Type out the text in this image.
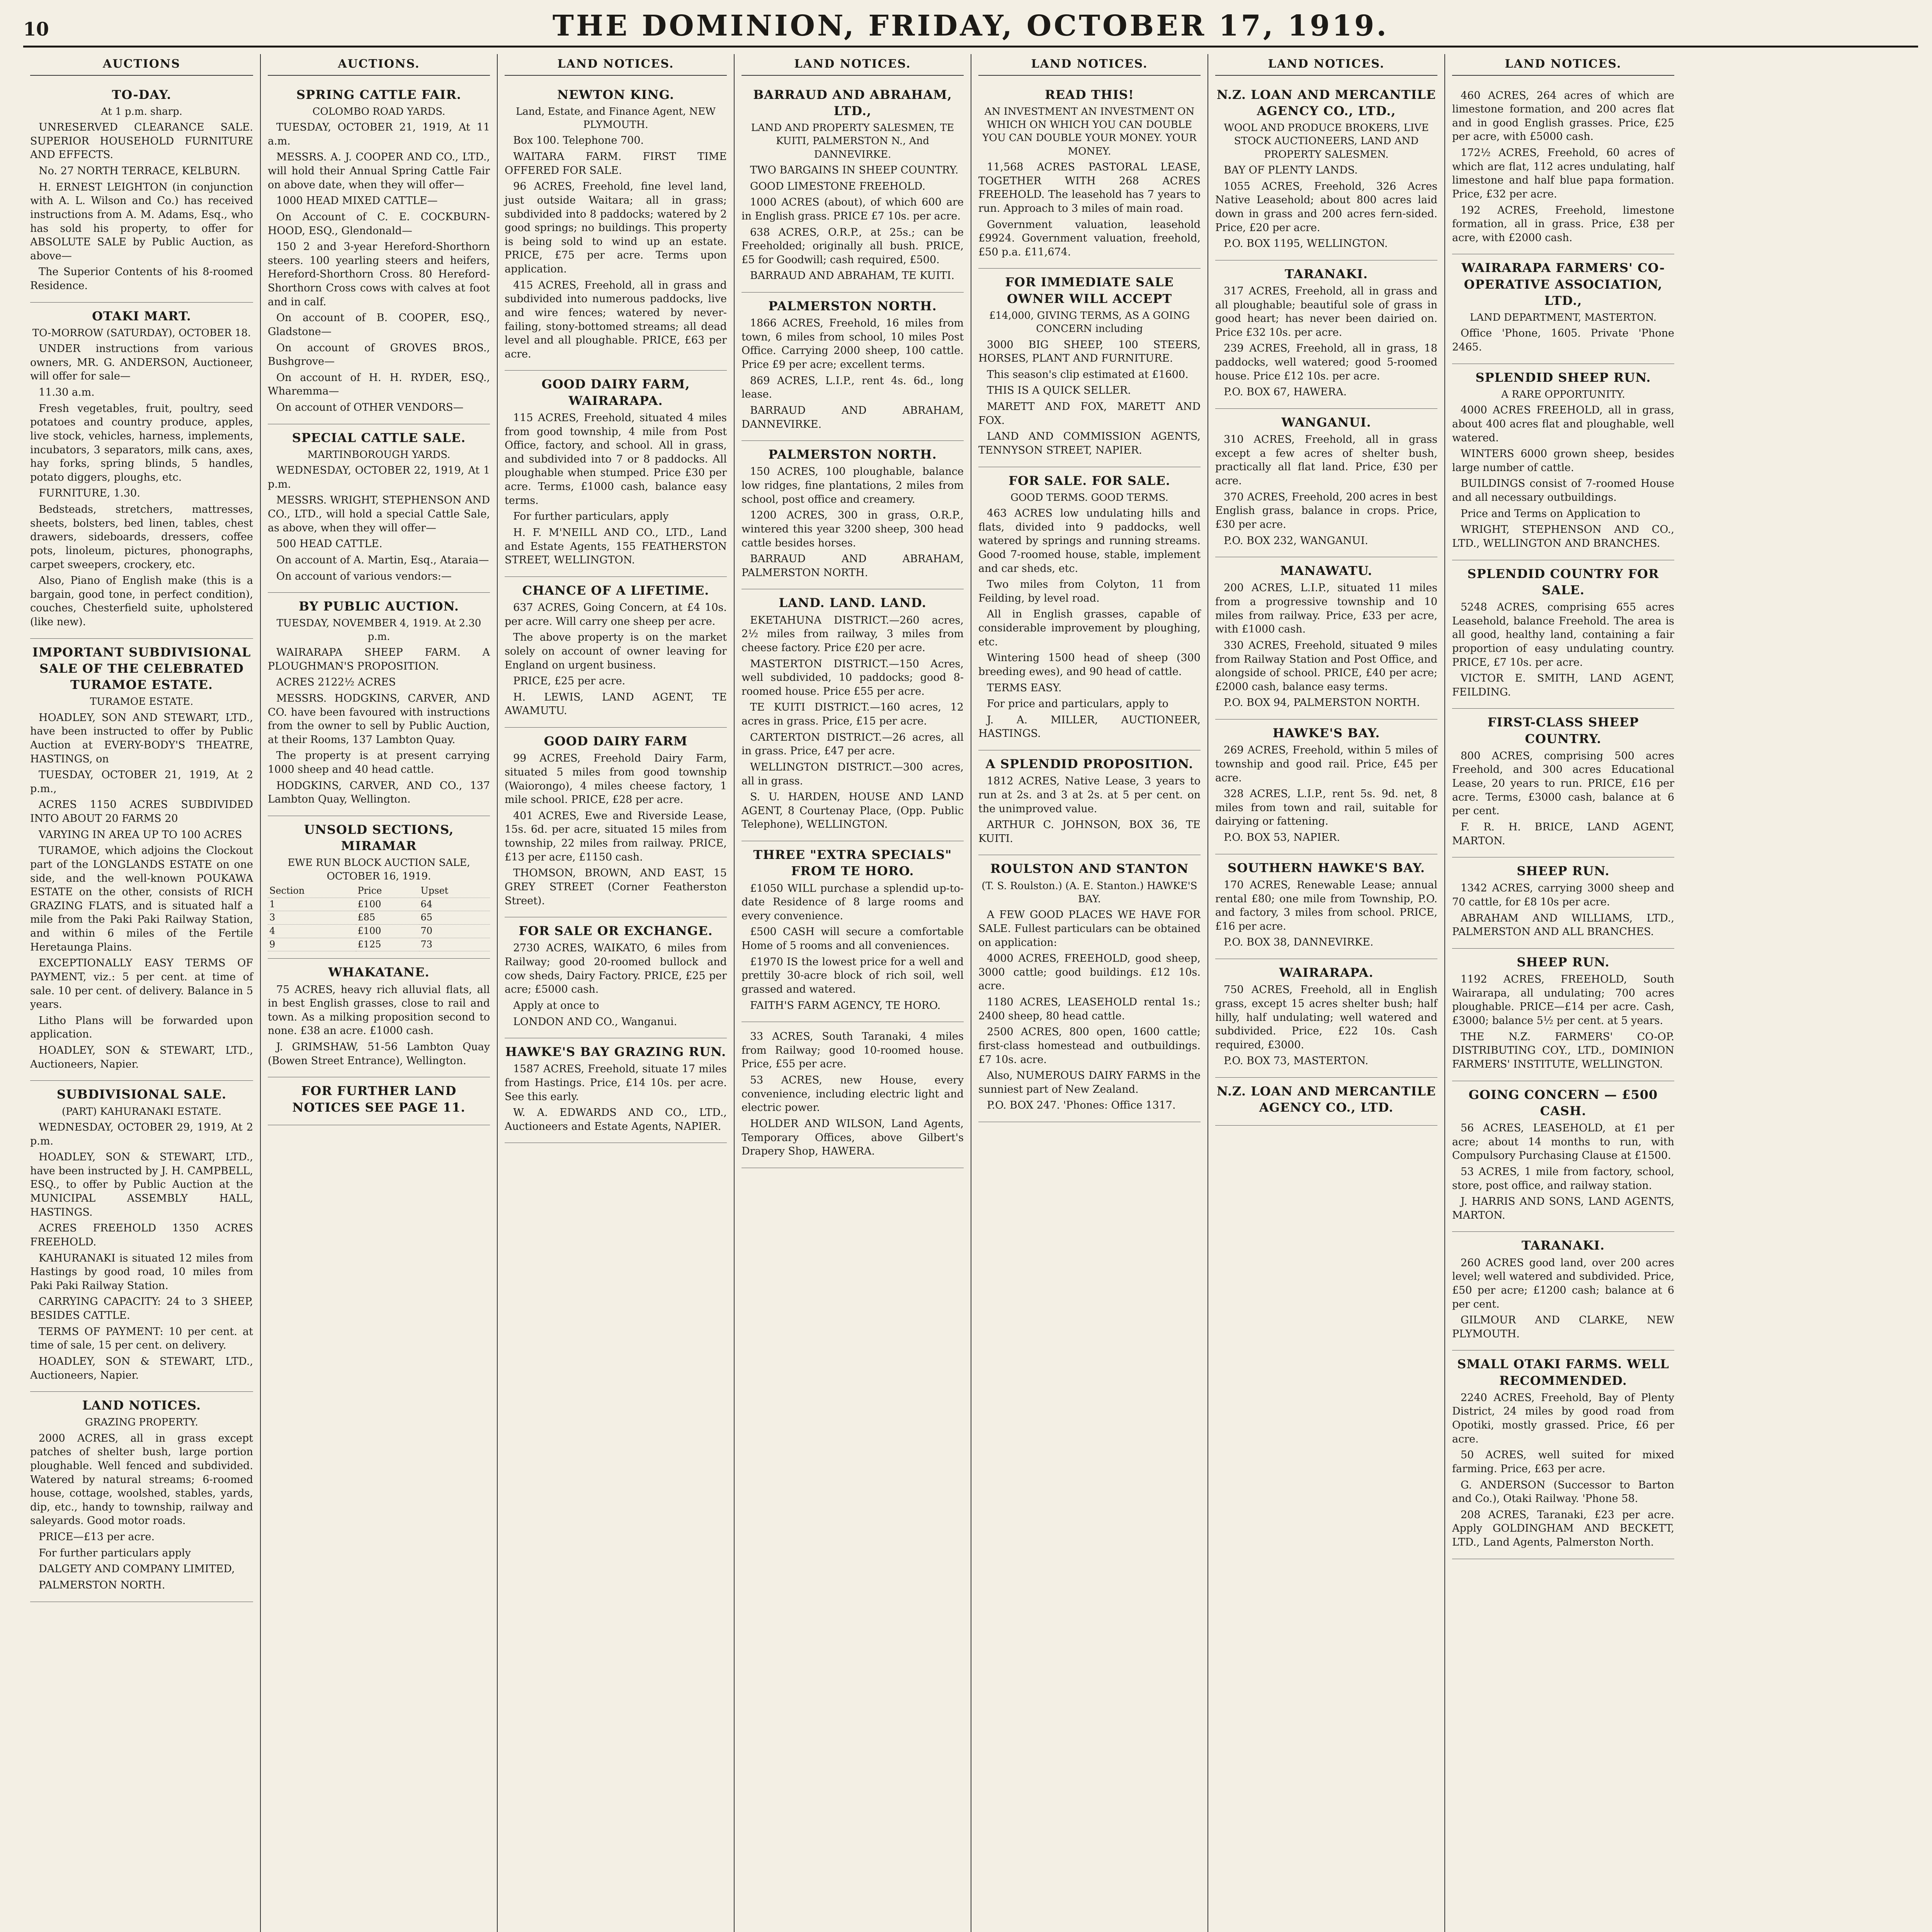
10	THE DOMINION, FRIDAY, OCTOBER 17, 1919.
AUCTIONS
TO-DAY.
At 1 p.m. sharp.

UNRESERVED CLEARANCE SALE. SUPERIOR HOUSEHOLD FURNITURE AND EFFECTS.

No. 27 NORTH TERRACE, KELBURN.

H. ERNEST LEIGHTON (in conjunction with A. L. Wilson and Co.) has received instructions from A. M. Adams, Esq., who has sold his property, to offer for ABSOLUTE SALE by Public Auction, as above—

The Superior Contents of his 8-roomed Residence.

OTAKI MART.
TO-MORROW (SATURDAY), OCTOBER 18.

UNDER instructions from various owners, MR. G. ANDERSON, Auctioneer, will offer for sale—

11.30 a.m.

Fresh vegetables, fruit, poultry, seed potatoes and country produce, apples, live stock, vehicles, harness, implements, incubators, 3 separators, milk cans, axes, hay forks, spring blinds, 5 handles, potato diggers, ploughs, etc.

FURNITURE, 1.30.

Bedsteads, stretchers, mattresses, sheets, bolsters, bed linen, tables, chest drawers, sideboards, dressers, coffee pots, linoleum, pictures, phonographs, carpet sweepers, crockery, etc.

Also, Piano of English make (this is a bargain, good tone, in perfect condition), couches, Chesterfield suite, upholstered (like new).

IMPORTANT SUBDIVISIONAL SALE OF THE CELEBRATED TURAMOE ESTATE.
TURAMOE ESTATE.

HOADLEY, SON AND STEWART, LTD., have been instructed to offer by Public Auction at EVERY-BODY'S THEATRE, HASTINGS, on

TUESDAY, OCTOBER 21, 1919, At 2 p.m.,

ACRES 1150 ACRES SUBDIVIDED INTO ABOUT 20 FARMS 20

VARYING IN AREA UP TO 100 ACRES

TURAMOE, which adjoins the Clockout part of the LONGLANDS ESTATE on one side, and the well-known POUKAWA ESTATE on the other, consists of RICH GRAZING FLATS, and is situated half a mile from the Paki Paki Railway Station, and within 6 miles of the Fertile Heretaunga Plains.

EXCEPTIONALLY EASY TERMS OF PAYMENT, viz.: 5 per cent. at time of sale. 10 per cent. of delivery. Balance in 5 years.

Litho Plans will be forwarded upon application.

HOADLEY, SON & STEWART, LTD., Auctioneers, Napier.

SUBDIVISIONAL SALE.
(PART) KAHURANAKI ESTATE.

WEDNESDAY, OCTOBER 29, 1919, At 2 p.m.

HOADLEY, SON & STEWART, LTD., have been instructed by J. H. CAMPBELL, ESQ., to offer by Public Auction at the MUNICIPAL ASSEMBLY HALL, HASTINGS.

ACRES FREEHOLD 1350 ACRES FREEHOLD.

KAHURANAKI is situated 12 miles from Hastings by good road, 10 miles from Paki Paki Railway Station.

CARRYING CAPACITY: 24 to 3 SHEEP, BESIDES CATTLE.

TERMS OF PAYMENT: 10 per cent. at time of sale, 15 per cent. on delivery.

HOADLEY, SON & STEWART, LTD., Auctioneers, Napier.

LAND NOTICES.
GRAZING PROPERTY.

2000 ACRES, all in grass except patches of shelter bush, large portion ploughable. Well fenced and subdivided. Watered by natural streams; 6-roomed house, cottage, woolshed, stables, yards, dip, etc., handy to township, railway and saleyards. Good motor roads.

PRICE—£13 per acre.

For further particulars apply

DALGETY AND COMPANY LIMITED,

PALMERSTON NORTH.

AUCTIONS.
SPRING CATTLE FAIR.
COLOMBO ROAD YARDS.

TUESDAY, OCTOBER 21, 1919, At 11 a.m.

MESSRS. A. J. COOPER AND CO., LTD., will hold their Annual Spring Cattle Fair on above date, when they will offer—

1000 HEAD MIXED CATTLE—

On Account of C. E. COCKBURN-HOOD, ESQ., Glendonald—

150 2 and 3-year Hereford-Shorthorn steers. 100 yearling steers and heifers, Hereford-Shorthorn Cross. 80 Hereford-Shorthorn Cross cows with calves at foot and in calf.

On account of B. COOPER, ESQ., Gladstone—

On account of GROVES BROS., Bushgrove—

On account of H. H. RYDER, ESQ., Wharemma—

On account of OTHER VENDORS—

SPECIAL CATTLE SALE.
MARTINBOROUGH YARDS.

WEDNESDAY, OCTOBER 22, 1919, At 1 p.m.

MESSRS. WRIGHT, STEPHENSON AND CO., LTD., will hold a special Cattle Sale, as above, when they will offer—

500 HEAD CATTLE.

On account of A. Martin, Esq., Ataraia—

On account of various vendors:—

BY PUBLIC AUCTION.
TUESDAY, NOVEMBER 4, 1919. At 2.30 p.m.

WAIRARAPA SHEEP FARM. A PLOUGHMAN'S PROPOSITION.

ACRES 2122½ ACRES

MESSRS. HODGKINS, CARVER, AND CO. have been favoured with instructions from the owner to sell by Public Auction, at their Rooms, 137 Lambton Quay.

The property is at present carrying 1000 sheep and 40 head cattle.

HODGKINS, CARVER, AND CO., 137 Lambton Quay, Wellington.

UNSOLD SECTIONS, MIRAMAR
EWE RUN BLOCK AUCTION SALE, OCTOBER 16, 1919.
Section	Price	Upset
1	£100	64
3	£85	65
4	£100	70
9	£125	73
WHAKATANE.

75 ACRES, heavy rich alluvial flats, all in best English grasses, close to rail and town. As a milking proposition second to none. £38 an acre. £1000 cash.

J. GRIMSHAW, 51-56 Lambton Quay (Bowen Street Entrance), Wellington.

FOR FURTHER LAND NOTICES SEE PAGE 11.
LAND NOTICES.
NEWTON KING.
Land, Estate, and Finance Agent, NEW PLYMOUTH.

Box 100. Telephone 700.

WAITARA FARM. FIRST TIME OFFERED FOR SALE.

96 ACRES, Freehold, fine level land, just outside Waitara; all in grass; subdivided into 8 paddocks; watered by 2 good springs; no buildings. This property is being sold to wind up an estate. PRICE, £75 per acre. Terms upon application.

415 ACRES, Freehold, all in grass and subdivided into numerous paddocks, live and wire fences; watered by never-failing, stony-bottomed streams; all dead level and all ploughable. PRICE, £63 per acre.

GOOD DAIRY FARM, WAIRARAPA.

115 ACRES, Freehold, situated 4 miles from good township, 4 mile from Post Office, factory, and school. All in grass, and subdivided into 7 or 8 paddocks. All ploughable when stumped. Price £30 per acre. Terms, £1000 cash, balance easy terms.

For further particulars, apply

H. F. M'NEILL AND CO., LTD., Land and Estate Agents, 155 FEATHERSTON STREET, WELLINGTON.

CHANCE OF A LIFETIME.

637 ACRES, Going Concern, at £4 10s. per acre. Will carry one sheep per acre.

The above property is on the market solely on account of owner leaving for England on urgent business.

PRICE, £25 per acre.

H. LEWIS, LAND AGENT, TE AWAMUTU.

GOOD DAIRY FARM

99 ACRES, Freehold Dairy Farm, situated 5 miles from good township (Waiorongo), 4 miles cheese factory, 1 mile school. PRICE, £28 per acre.

401 ACRES, Ewe and Riverside Lease, 15s. 6d. per acre, situated 15 miles from township, 22 miles from railway. PRICE, £13 per acre, £1150 cash.

THOMSON, BROWN, AND EAST, 15 GREY STREET (Corner Featherston Street).

FOR SALE OR EXCHANGE.

2730 ACRES, WAIKATO, 6 miles from Railway; good 20-roomed bullock and cow sheds, Dairy Factory. PRICE, £25 per acre; £5000 cash.

Apply at once to

LONDON AND CO., Wanganui.

HAWKE'S BAY GRAZING RUN.

1587 ACRES, Freehold, situate 17 miles from Hastings. Price, £14 10s. per acre. See this early.

W. A. EDWARDS AND CO., LTD., Auctioneers and Estate Agents, NAPIER.

LAND NOTICES.
BARRAUD AND ABRAHAM, LTD.,
LAND AND PROPERTY SALESMEN, TE KUITI, PALMERSTON N., And DANNEVIRKE.

TWO BARGAINS IN SHEEP COUNTRY.

GOOD LIMESTONE FREEHOLD.

1000 ACRES (about), of which 600 are in English grass. PRICE £7 10s. per acre.

638 ACRES, O.R.P., at 25s.; can be Freeholded; originally all bush. PRICE, £5 for Goodwill; cash required, £500.

BARRAUD AND ABRAHAM, TE KUITI.

PALMERSTON NORTH.

1866 ACRES, Freehold, 16 miles from town, 6 miles from school, 10 miles Post Office. Carrying 2000 sheep, 100 cattle. Price £9 per acre; excellent terms.

869 ACRES, L.I.P., rent 4s. 6d., long lease.

BARRAUD AND ABRAHAM, DANNEVIRKE.

PALMERSTON NORTH.

150 ACRES, 100 ploughable, balance low ridges, fine plantations, 2 miles from school, post office and creamery.

1200 ACRES, 300 in grass, O.R.P., wintered this year 3200 sheep, 300 head cattle besides horses.

BARRAUD AND ABRAHAM, PALMERSTON NORTH.

LAND. LAND. LAND.

EKETAHUNA DISTRICT.—260 acres, 2½ miles from railway, 3 miles from cheese factory. Price £20 per acre.

MASTERTON DISTRICT.—150 Acres, well subdivided, 10 paddocks; good 8-roomed house. Price £55 per acre.

TE KUITI DISTRICT.—160 acres, 12 acres in grass. Price, £15 per acre.

CARTERTON DISTRICT.—26 acres, all in grass. Price, £47 per acre.

WELLINGTON DISTRICT.—300 acres, all in grass.

S. U. HARDEN, HOUSE AND LAND AGENT, 8 Courtenay Place, (Opp. Public Telephone), WELLINGTON.

THREE "EXTRA SPECIALS" FROM TE HORO.

£1050 WILL purchase a splendid up-to-date Residence of 8 large rooms and every convenience.

£500 CASH will secure a comfortable Home of 5 rooms and all conveniences.

£1970 IS the lowest price for a well and prettily 30-acre block of rich soil, well grassed and watered.

FAITH'S FARM AGENCY, TE HORO.

33 ACRES, South Taranaki, 4 miles from Railway; good 10-roomed house. Price, £55 per acre.

53 ACRES, new House, every convenience, including electric light and electric power.

HOLDER AND WILSON, Land Agents, Temporary Offices, above Gilbert's Drapery Shop, HAWERA.

LAND NOTICES.
READ THIS!
AN INVESTMENT AN INVESTMENT ON WHICH ON WHICH YOU CAN DOUBLE YOU CAN DOUBLE YOUR MONEY. YOUR MONEY.

11,568 ACRES PASTORAL LEASE, TOGETHER WITH 268 ACRES FREEHOLD. The leasehold has 7 years to run. Approach to 3 miles of main road.

Government valuation, leasehold £9924. Government valuation, freehold, £50 p.a. £11,674.

FOR IMMEDIATE SALE OWNER WILL ACCEPT
£14,000, GIVING TERMS, AS A GOING CONCERN including

3000 BIG SHEEP, 100 STEERS, HORSES, PLANT AND FURNITURE.

This season's clip estimated at £1600.

THIS IS A QUICK SELLER.

MARETT AND FOX, MARETT AND FOX.

LAND AND COMMISSION AGENTS, TENNYSON STREET, NAPIER.

FOR SALE. FOR SALE.
GOOD TERMS. GOOD TERMS.

463 ACRES low undulating hills and flats, divided into 9 paddocks, well watered by springs and running streams. Good 7-roomed house, stable, implement and car sheds, etc.

Two miles from Colyton, 11 from Feilding, by level road.

All in English grasses, capable of considerable improvement by ploughing, etc.

Wintering 1500 head of sheep (300 breeding ewes), and 90 head of cattle.

TERMS EASY.

For price and particulars, apply to

J. A. MILLER, AUCTIONEER, HASTINGS.

A SPLENDID PROPOSITION.

1812 ACRES, Native Lease, 3 years to run at 2s. and 3 at 2s. at 5 per cent. on the unimproved value.

ARTHUR C. JOHNSON, BOX 36, TE KUITI.

ROULSTON AND STANTON
(T. S. Roulston.) (A. E. Stanton.) HAWKE'S BAY.

A FEW GOOD PLACES WE HAVE FOR SALE. Fullest particulars can be obtained on application:

4000 ACRES, FREEHOLD, good sheep, 3000 cattle; good buildings. £12 10s. acre.

1180 ACRES, LEASEHOLD rental 1s.; 2400 sheep, 80 head cattle.

2500 ACRES, 800 open, 1600 cattle; first-class homestead and outbuildings. £7 10s. acre.

Also, NUMEROUS DAIRY FARMS in the sunniest part of New Zealand.

P.O. BOX 247. 'Phones: Office 1317.

LAND NOTICES.
N.Z. LOAN AND MERCANTILE AGENCY CO., LTD.,
WOOL AND PRODUCE BROKERS, LIVE STOCK AUCTIONEERS, LAND AND PROPERTY SALESMEN.

BAY OF PLENTY LANDS.

1055 ACRES, Freehold, 326 Acres Native Leasehold; about 800 acres laid down in grass and 200 acres fern-sided. Price, £20 per acre.

P.O. BOX 1195, WELLINGTON.

TARANAKI.

317 ACRES, Freehold, all in grass and all ploughable; beautiful sole of grass in good heart; has never been dairied on. Price £32 10s. per acre.

239 ACRES, Freehold, all in grass, 18 paddocks, well watered; good 5-roomed house. Price £12 10s. per acre.

P.O. BOX 67, HAWERA.

WANGANUI.

310 ACRES, Freehold, all in grass except a few acres of shelter bush, practically all flat land. Price, £30 per acre.

370 ACRES, Freehold, 200 acres in best English grass, balance in crops. Price, £30 per acre.

P.O. BOX 232, WANGANUI.

MANAWATU.

200 ACRES, L.I.P., situated 11 miles from a progressive township and 10 miles from railway. Price, £33 per acre, with £1000 cash.

330 ACRES, Freehold, situated 9 miles from Railway Station and Post Office, and alongside of school. PRICE, £40 per acre; £2000 cash, balance easy terms.

P.O. BOX 94, PALMERSTON NORTH.

HAWKE'S BAY.

269 ACRES, Freehold, within 5 miles of township and good rail. Price, £45 per acre.

328 ACRES, L.I.P., rent 5s. 9d. net, 8 miles from town and rail, suitable for dairying or fattening.

P.O. BOX 53, NAPIER.

SOUTHERN HAWKE'S BAY.

170 ACRES, Renewable Lease; annual rental £80; one mile from Township, P.O. and factory, 3 miles from school. PRICE, £16 per acre.

P.O. BOX 38, DANNEVIRKE.

WAIRARAPA.

750 ACRES, Freehold, all in English grass, except 15 acres shelter bush; half hilly, half undulating; well watered and subdivided. Price, £22 10s. Cash required, £3000.

P.O. BOX 73, MASTERTON.

N.Z. LOAN AND MERCANTILE AGENCY CO., LTD.
LAND NOTICES.

460 ACRES, 264 acres of which are limestone formation, and 200 acres flat and in good English grasses. Price, £25 per acre, with £5000 cash.

172½ ACRES, Freehold, 60 acres of which are flat, 112 acres undulating, half limestone and half blue papa formation. Price, £32 per acre.

192 ACRES, Freehold, limestone formation, all in grass. Price, £38 per acre, with £2000 cash.

WAIRARAPA FARMERS' CO-OPERATIVE ASSOCIATION, LTD.,
LAND DEPARTMENT, MASTERTON.

Office 'Phone, 1605. Private 'Phone 2465.

SPLENDID SHEEP RUN.
A RARE OPPORTUNITY.

4000 ACRES FREEHOLD, all in grass, about 400 acres flat and ploughable, well watered.

WINTERS 6000 grown sheep, besides large number of cattle.

BUILDINGS consist of 7-roomed House and all necessary outbuildings.

Price and Terms on Application to

WRIGHT, STEPHENSON AND CO., LTD., WELLINGTON AND BRANCHES.

SPLENDID COUNTRY FOR SALE.

5248 ACRES, comprising 655 acres Leasehold, balance Freehold. The area is all good, healthy land, containing a fair proportion of easy undulating country. PRICE, £7 10s. per acre.

VICTOR E. SMITH, LAND AGENT, FEILDING.

FIRST-CLASS SHEEP COUNTRY.

800 ACRES, comprising 500 acres Freehold, and 300 acres Educational Lease, 20 years to run. PRICE, £16 per acre. Terms, £3000 cash, balance at 6 per cent.

F. R. H. BRICE, LAND AGENT, MARTON.

SHEEP RUN.

1342 ACRES, carrying 3000 sheep and 70 cattle, for £8 10s per acre.

ABRAHAM AND WILLIAMS, LTD., PALMERSTON AND ALL BRANCHES.

SHEEP RUN.

1192 ACRES, FREEHOLD, South Wairarapa, all undulating; 700 acres ploughable. PRICE—£14 per acre. Cash, £3000; balance 5½ per cent. at 5 years.

THE N.Z. FARMERS' CO-OP. DISTRIBUTING COY., LTD., DOMINION FARMERS' INSTITUTE, WELLINGTON.

GOING CONCERN — £500 CASH.

56 ACRES, LEASEHOLD, at £1 per acre; about 14 months to run, with Compulsory Purchasing Clause at £1500.

53 ACRES, 1 mile from factory, school, store, post office, and railway station.

J. HARRIS AND SONS, LAND AGENTS, MARTON.

TARANAKI.

260 ACRES good land, over 200 acres level; well watered and subdivided. Price, £50 per acre; £1200 cash; balance at 6 per cent.

GILMOUR AND CLARKE, NEW PLYMOUTH.

SMALL OTAKI FARMS. WELL RECOMMENDED.

2240 ACRES, Freehold, Bay of Plenty District, 24 miles by good road from Opotiki, mostly grassed. Price, £6 per acre.

50 ACRES, well suited for mixed farming. Price, £63 per acre.

G. ANDERSON (Successor to Barton and Co.), Otaki Railway. 'Phone 58.

208 ACRES, Taranaki, £23 per acre. Apply GOLDINGHAM AND BECKETT, LTD., Land Agents, Palmerston North.
